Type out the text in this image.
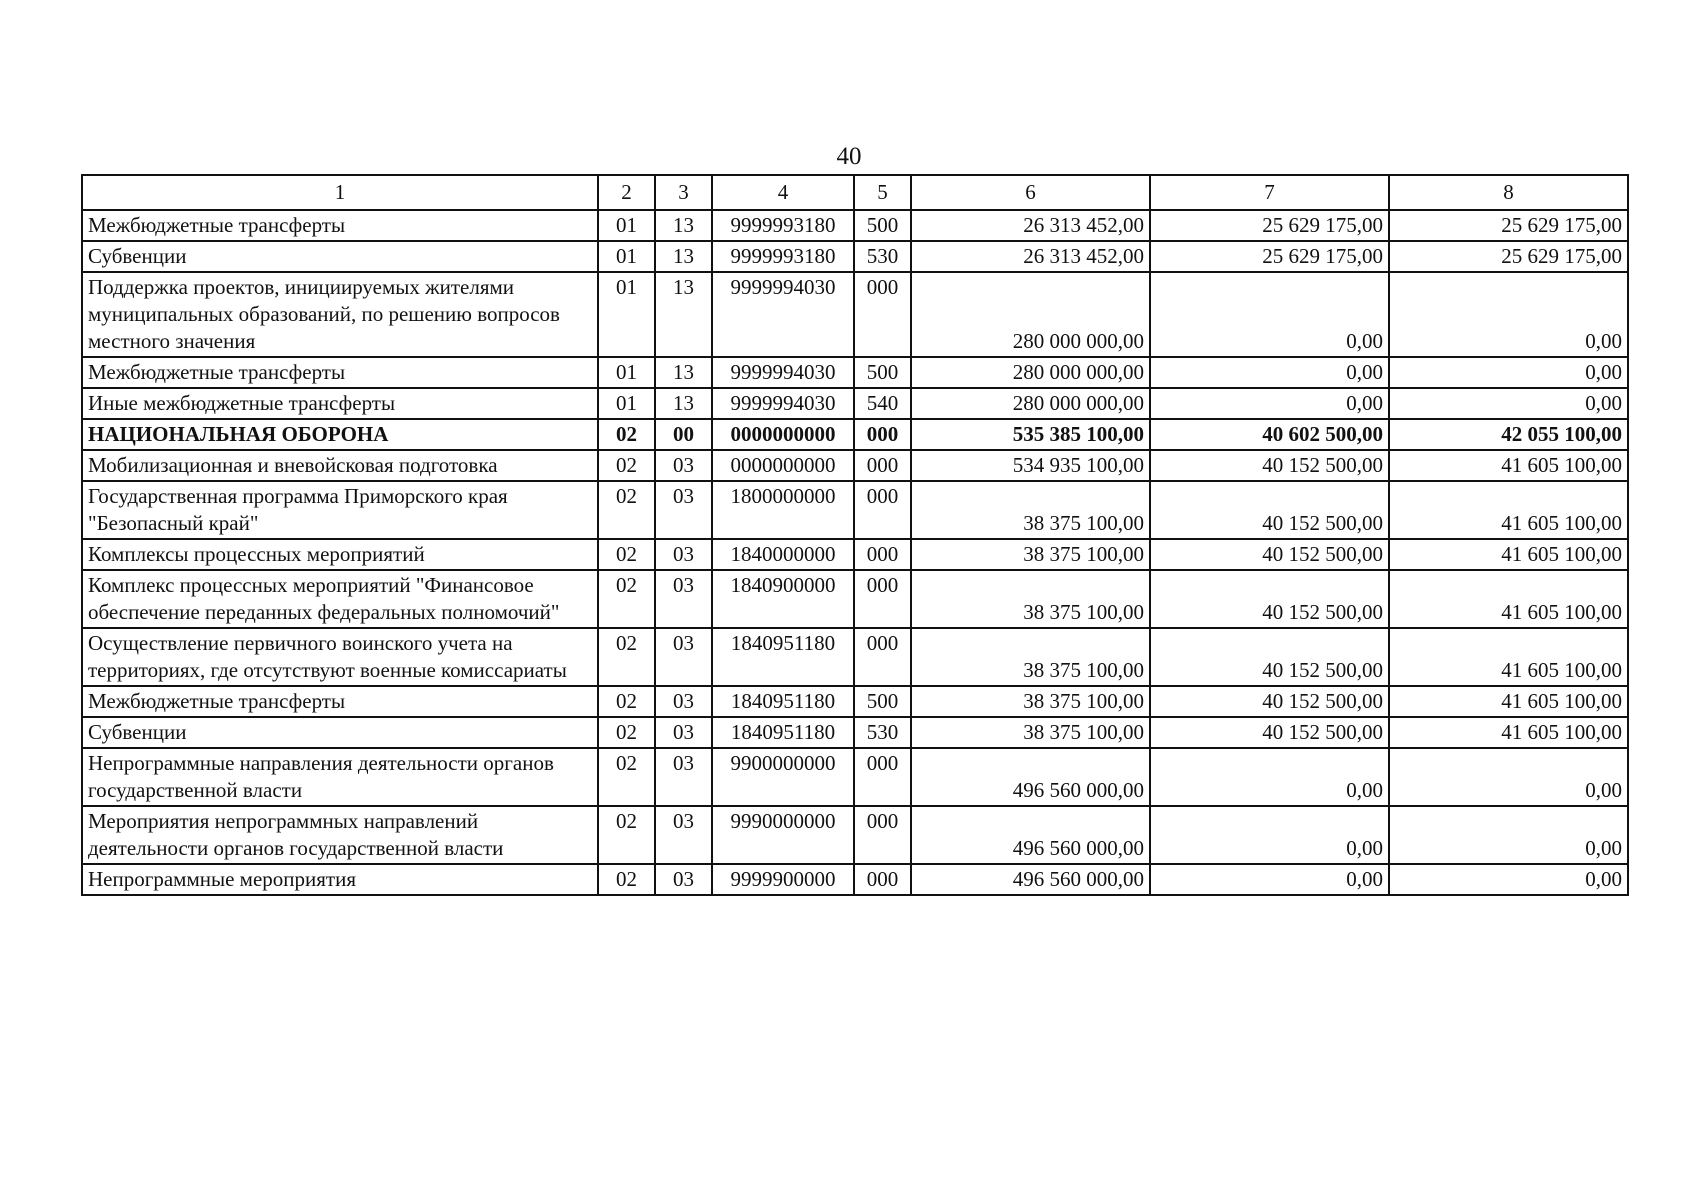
40
1	2	3	4	5	6	7	8
Межбюджетные трансферты	01	13	9999993180	500	26 313 452,00	25 629 175,00	25 629 175,00
Субвенции	01	13	9999993180	530	26 313 452,00	25 629 175,00	25 629 175,00
Поддержка проектов, инициируемых жителями муниципальных образований, по решению вопросов местного значения	01	13	9999994030	000	280 000 000,00	0,00	0,00
Межбюджетные трансферты	01	13	9999994030	500	280 000 000,00	0,00	0,00
Иные межбюджетные трансферты	01	13	9999994030	540	280 000 000,00	0,00	0,00
НАЦИОНАЛЬНАЯ ОБОРОНА	02	00	0000000000	000	535 385 100,00	40 602 500,00	42 055 100,00
Мобилизационная и вневойсковая подготовка	02	03	0000000000	000	534 935 100,00	40 152 500,00	41 605 100,00
Государственная программа Приморского края "Безопасный край"	02	03	1800000000	000	38 375 100,00	40 152 500,00	41 605 100,00
Комплексы процессных мероприятий	02	03	1840000000	000	38 375 100,00	40 152 500,00	41 605 100,00
Комплекс процессных мероприятий "Финансовое обеспечение переданных федеральных полномочий"	02	03	1840900000	000	38 375 100,00	40 152 500,00	41 605 100,00
Осуществление первичного воинского учета на территориях, где отсутствуют военные комиссариаты	02	03	1840951180	000	38 375 100,00	40 152 500,00	41 605 100,00
Межбюджетные трансферты	02	03	1840951180	500	38 375 100,00	40 152 500,00	41 605 100,00
Субвенции	02	03	1840951180	530	38 375 100,00	40 152 500,00	41 605 100,00
Непрограммные направления деятельности органов государственной власти	02	03	9900000000	000	496 560 000,00	0,00	0,00
Мероприятия непрограммных направлений деятельности органов государственной власти	02	03	9990000000	000	496 560 000,00	0,00	0,00
Непрограммные мероприятия	02	03	9999900000	000	496 560 000,00	0,00	0,00
